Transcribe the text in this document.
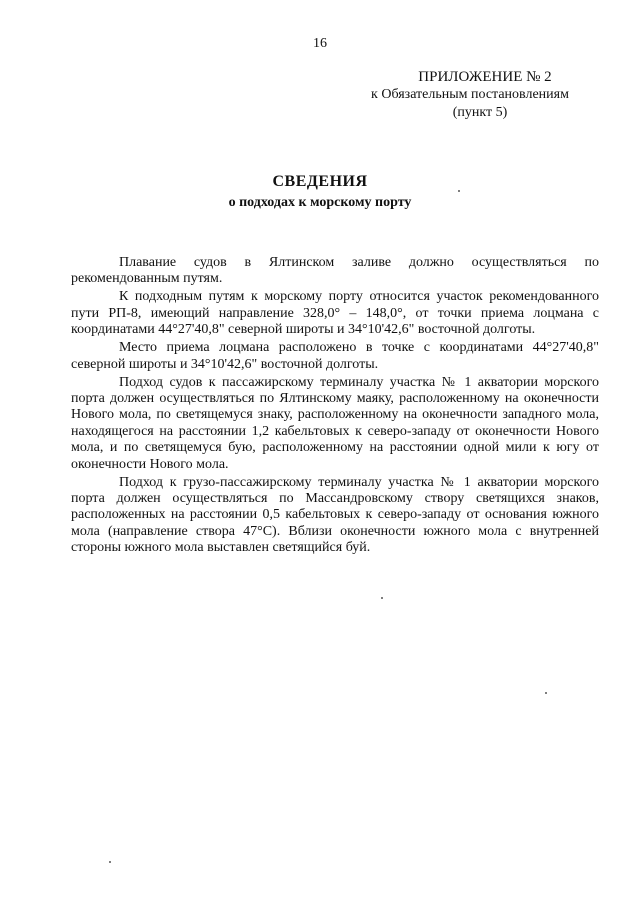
16
ПРИЛОЖЕНИЕ № 2
к Обязательным постановлениям
(пункт 5)
СВЕДЕНИЯ
о подходах к морскому порту

Плавание судов в Ялтинском заливе должно осуществляться по рекомендованным путям.

К подходным путям к морскому порту относится участок рекомендованного пути РП-8, имеющий направление 328,0° – 148,0°, от точки приема лоцмана с координатами 44°27'40,8" северной широты и 34°10'42,6" восточной долготы.

Место приема лоцмана расположено в точке с координатами 44°27'40,8" северной широты и 34°10'42,6" восточной долготы.

Подход судов к пассажирскому терминалу участка № 1 акватории морского порта должен осуществляться по Ялтинскому маяку, расположенному на оконечности Нового мола, по светящемуся знаку, расположенному на оконечности западного мола, находящегося на расстоянии 1,2 кабельтовых к северо-западу от оконечности Нового мола, и по светящемуся бую, расположенному на расстоянии одной мили к югу от оконечности Нового мола.

Подход к грузо-пассажирскому терминалу участка № 1 акватории морского порта должен осуществляться по Массандровскому створу светящихся знаков, расположенных на расстоянии 0,5 кабельтовых к северо-западу от основания южного мола (направление створа 47°С). Вблизи оконечности южного мола с внутренней стороны южного мола выставлен светящийся буй.
